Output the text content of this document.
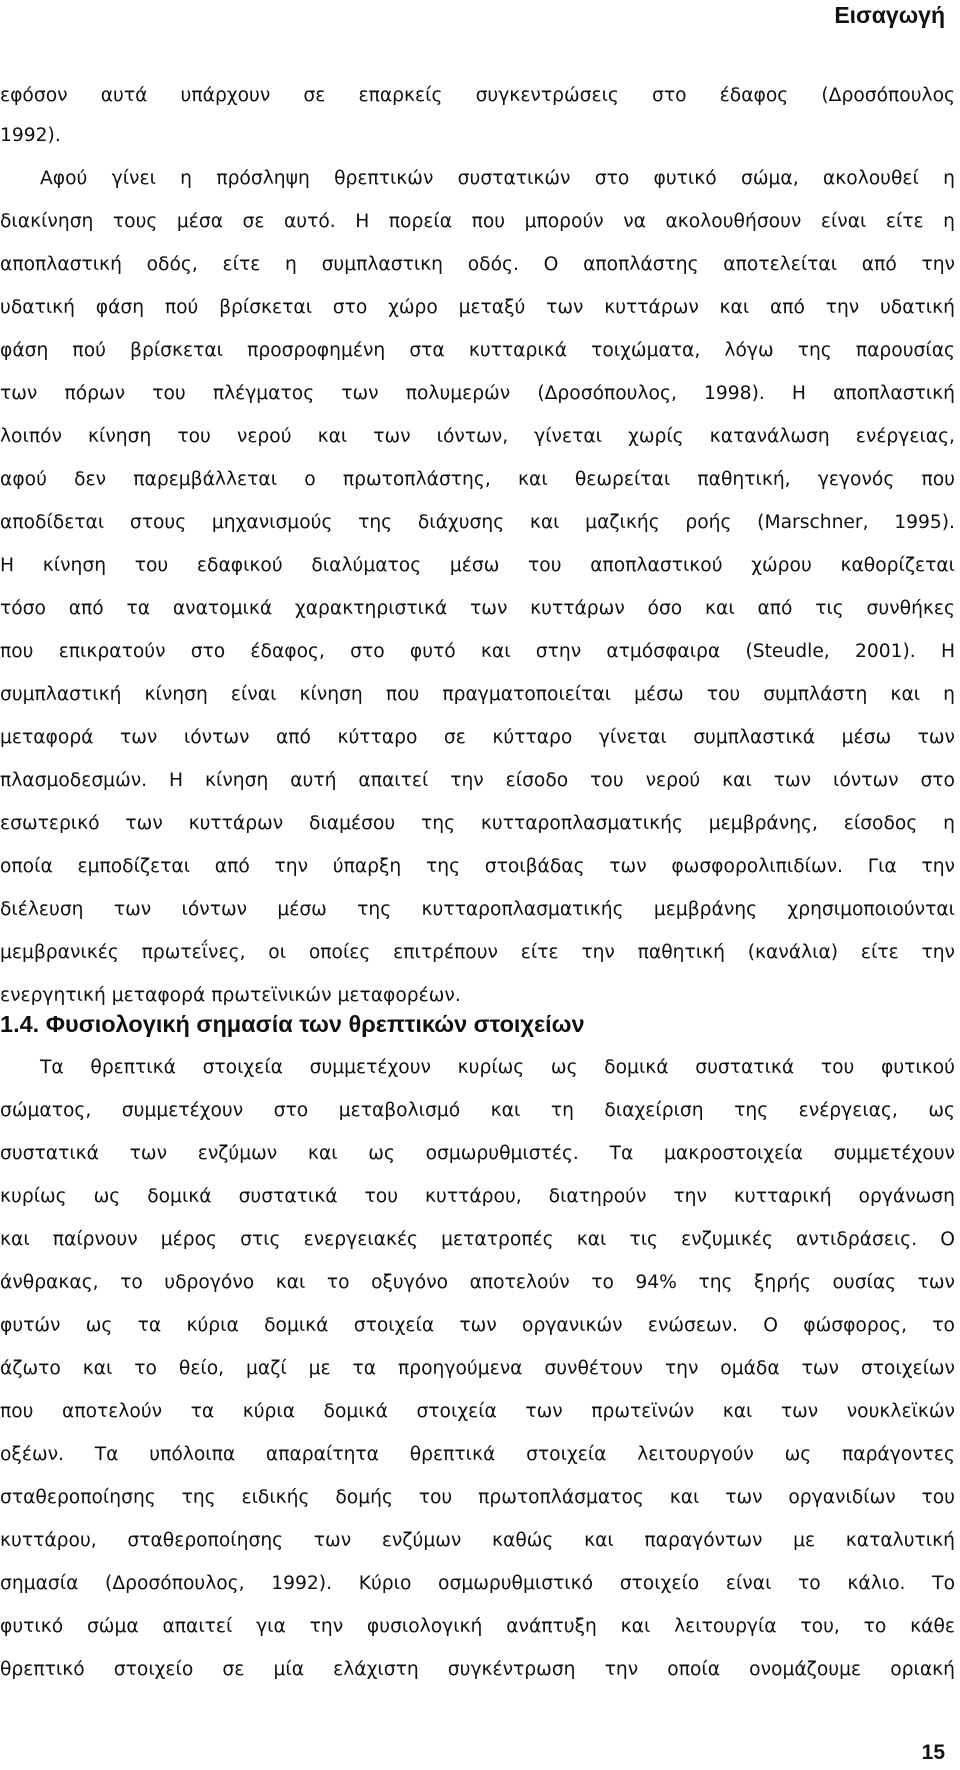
Εισαγωγή
εφόσον αυτά υπάρχουν σε επαρκείς συγκεντρώσεις στο έδαφος (Δροσόπουλος
1992).
Αφού γίνει η πρόσληψη θρεπτικών συστατικών στο φυτικό σώμα, ακολουθεί η
διακίνηση τους μέσα σε αυτό. Η πορεία που μπορούν να ακολουθήσουν είναι είτε η
αποπλαστική οδός, είτε η συμπλαστικη οδός. Ο αποπλάστης αποτελείται από την
υδατική φάση πού βρίσκεται στο χώρο μεταξύ των κυττάρων και από την υδατική
φάση πού βρίσκεται προσροφημένη στα κυτταρικά τοιχώματα, λόγω της παρουσίας
των πόρων του πλέγματος των πολυμερών (Δροσόπουλος, 1998). Η αποπλαστική
λοιπόν κίνηση του νερού και των ιόντων, γίνεται χωρίς κατανάλωση ενέργειας,
αφού δεν παρεμβάλλεται ο πρωτοπλάστης, και θεωρείται παθητική, γεγονός που
αποδίδεται στους μηχανισμούς της διάχυσης και μαζικής ροής (Marschner, 1995).
Η κίνηση του εδαφικού διαλύματος μέσω του αποπλαστικού χώρου καθορίζεται
τόσο από τα ανατομικά χαρακτηριστικά των κυττάρων όσο και από τις συνθήκες
που επικρατούν στο έδαφος, στο φυτό και στην ατμόσφαιρα (Steudle, 2001). Η
συμπλαστική κίνηση είναι κίνηση που πραγματοποιείται μέσω του συμπλάστη και η
μεταφορά των ιόντων από κύτταρο σε κύτταρο γίνεται συμπλαστικά μέσω των
πλασμοδεσμών. Η κίνηση αυτή απαιτεί την είσοδο του νερού και των ιόντων στο
εσωτερικό των κυττάρων διαμέσου της κυτταροπλασματικής μεμβράνης, είσοδος η
οποία εμποδίζεται από την ύπαρξη της στοιβάδας των φωσφορολιπιδίων. Για την
διέλευση των ιόντων μέσω της κυτταροπλασματικής μεμβράνης χρησιμοποιούνται
μεμβρανικές πρωτεΐνες, οι οποίες επιτρέπουν είτε την παθητική (κανάλια) είτε την
ενεργητική μεταφορά πρωτεϊνικών μεταφορέων.
1.4. Φυσιολογική σημασία των θρεπτικών στοιχείων
Τα θρεπτικά στοιχεία συμμετέχουν κυρίως ως δομικά συστατικά του φυτικού
σώματος, συμμετέχουν στο μεταβολισμό και τη διαχείριση της ενέργειας, ως
συστατικά των ενζύμων και ως οσμωρυθμιστές. Τα μακροστοιχεία συμμετέχουν
κυρίως ως δομικά συστατικά του κυττάρου, διατηρούν την κυτταρική οργάνωση
και παίρνουν μέρος στις ενεργειακές μετατροπές και τις ενζυμικές αντιδράσεις. Ο
άνθρακας, το υδρογόνο και το οξυγόνο αποτελούν το 94% της ξηρής ουσίας των
φυτών ως τα κύρια δομικά στοιχεία των οργανικών ενώσεων. Ο φώσφορος, το
άζωτο και το θείο, μαζί με τα προηγούμενα συνθέτουν την ομάδα των στοιχείων
που αποτελούν τα κύρια δομικά στοιχεία των πρωτεϊνών και των νουκλεϊκών
οξέων. Τα υπόλοιπα απαραίτητα θρεπτικά στοιχεία λειτουργούν ως παράγοντες
σταθεροποίησης της ειδικής δομής του πρωτοπλάσματος και των οργανιδίων του
κυττάρου, σταθεροποίησης των ενζύμων καθώς και παραγόντων με καταλυτική
σημασία (Δροσόπουλος, 1992). Κύριο οσμωρυθμιστικό στοιχείο είναι το κάλιο. Το
φυτικό σώμα απαιτεί για την φυσιολογική ανάπτυξη και λειτουργία του, το κάθε
θρεπτικό στοιχείο σε μία ελάχιστη συγκέντρωση την οποία ονομάζουμε οριακή
15
